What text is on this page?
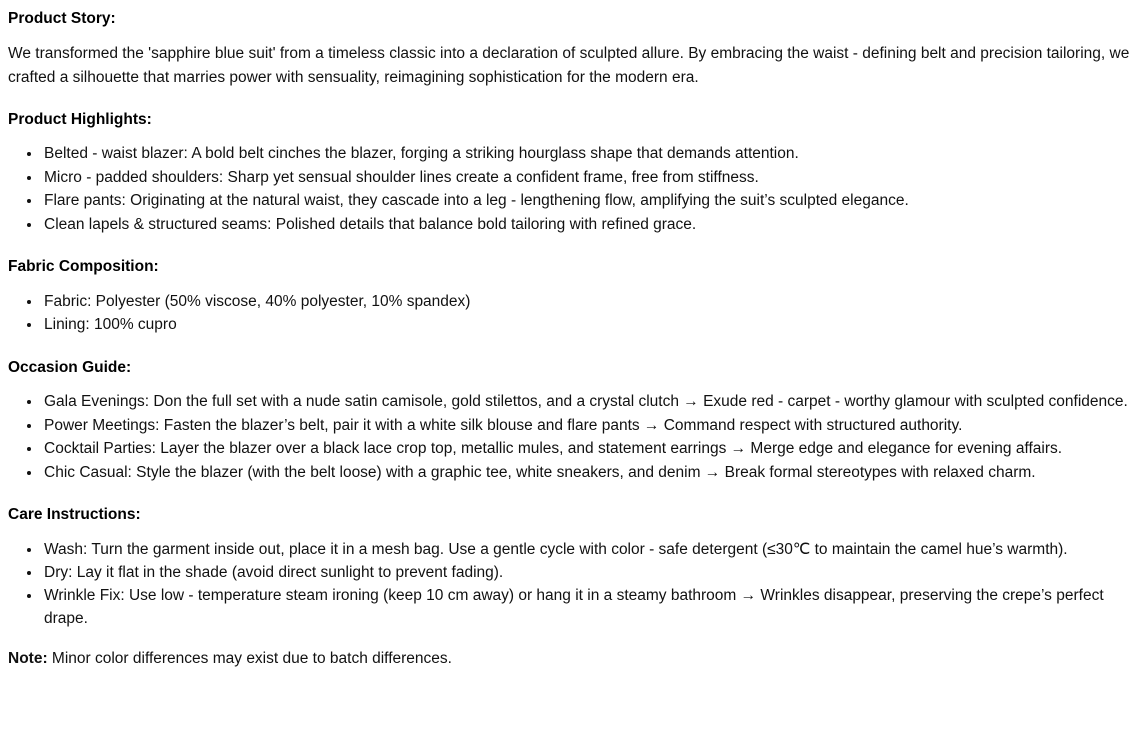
Product Story:

We transformed the 'sapphire blue suit' from a timeless classic into a declaration of sculpted allure. By embracing the waist - defining belt and precision tailoring, we crafted a silhouette that marries power with sensuality, reimagining sophistication for the modern era.

Product Highlights:
• Belted - waist blazer: A bold belt cinches the blazer, forging a striking hourglass shape that demands attention.
• Micro - padded shoulders: Sharp yet sensual shoulder lines create a confident frame, free from stiffness.
• Flare pants: Originating at the natural waist, they cascade into a leg - lengthening flow, amplifying the suit’s sculpted elegance.
• Clean lapels & structured seams: Polished details that balance bold tailoring with refined grace.
Fabric Composition:
• Fabric: Polyester (50% viscose, 40% polyester, 10% spandex)
• Lining: 100% cupro
Occasion Guide:
• Gala Evenings: Don the full set with a nude satin camisole, gold stilettos, and a crystal clutch → Exude red - carpet - worthy glamour with sculpted confidence.
• Power Meetings: Fasten the blazer’s belt, pair it with a white silk blouse and flare pants → Command respect with structured authority.
• Cocktail Parties: Layer the blazer over a black lace crop top, metallic mules, and statement earrings → Merge edge and elegance for evening affairs.
• Chic Casual: Style the blazer (with the belt loose) with a graphic tee, white sneakers, and denim → Break formal stereotypes with relaxed charm.
Care Instructions:
• Wash: Turn the garment inside out, place it in a mesh bag. Use a gentle cycle with color - safe detergent (≤30℃ to maintain the camel hue’s warmth).
• Dry: Lay it flat in the shade (avoid direct sunlight to prevent fading).
• Wrinkle Fix: Use low - temperature steam ironing (keep 10 cm away) or hang it in a steamy bathroom → Wrinkles disappear, preserving the crepe’s perfect drape.

Note: Minor color differences may exist due to batch differences.
